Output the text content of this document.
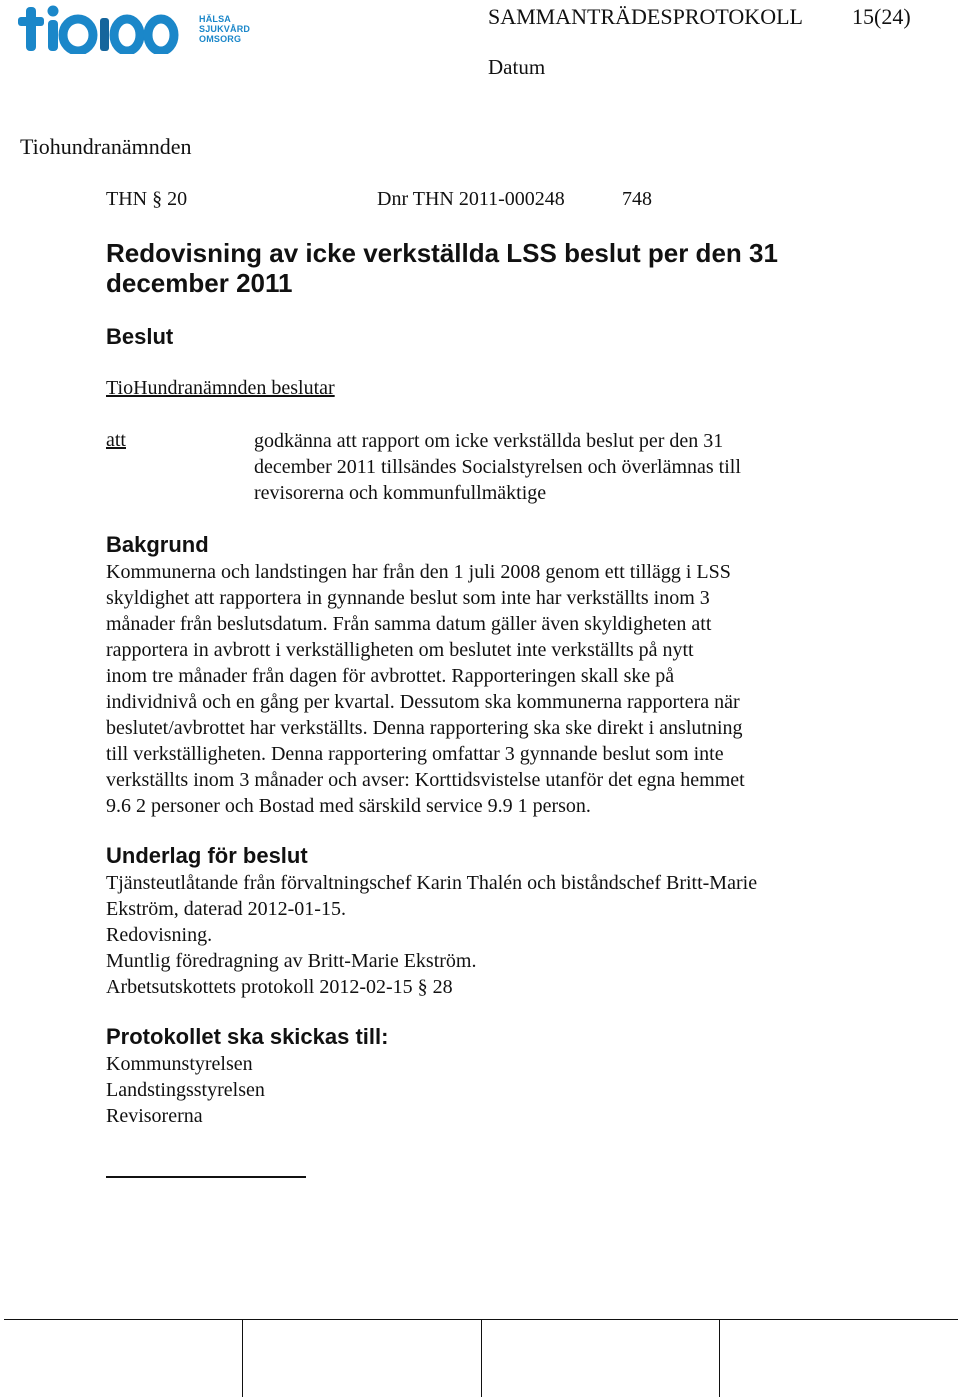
HÄLSA
SJUKVÅRD
OMSORG
SAMMANTRÄDESPROTOKOLL 15(24)
Datum
Tiohundranämnden
THN § 20	Dnr THN 2011-000248	748
Redovisning av icke verkställda LSS beslut per den 31 december 2011
Beslut
TioHundranämnden beslutar
att	godkänna att rapport om icke verkställda beslut per den 31
december 2011 tillsändes Socialstyrelsen och överlämnas till
revisorerna och kommunfullmäktige
Bakgrund
Kommunerna och landstingen har från den 1 juli 2008 genom ett tillägg i LSS
skyldighet att rapportera in gynnande beslut som inte har verkställts inom 3
månader från beslutsdatum. Från samma datum gäller även skyldigheten att
rapportera in avbrott i verkställigheten om beslutet inte verkställts på nytt
inom tre månader från dagen för avbrottet. Rapporteringen skall ske på
individnivå och en gång per kvartal. Dessutom ska kommunerna rapportera när
beslutet/avbrottet har verkställts. Denna rapportering ska ske direkt i anslutning
till verkställigheten. Denna rapportering omfattar 3 gynnande beslut som inte
verkställts inom 3 månader och avser: Korttidsvistelse utanför det egna hemmet
9.6 2 personer och Bostad med särskild service 9.9 1 person.
Underlag för beslut
Tjänsteutlåtande från förvaltningschef Karin Thalén och biståndschef Britt-Marie
Ekström, daterad 2012-01-15.
Redovisning.
Muntlig föredragning av Britt-Marie Ekström.
Arbetsutskottets protokoll 2012-02-15 § 28
Protokollet ska skickas till:
Kommunstyrelsen
Landstingsstyrelsen
Revisorerna
